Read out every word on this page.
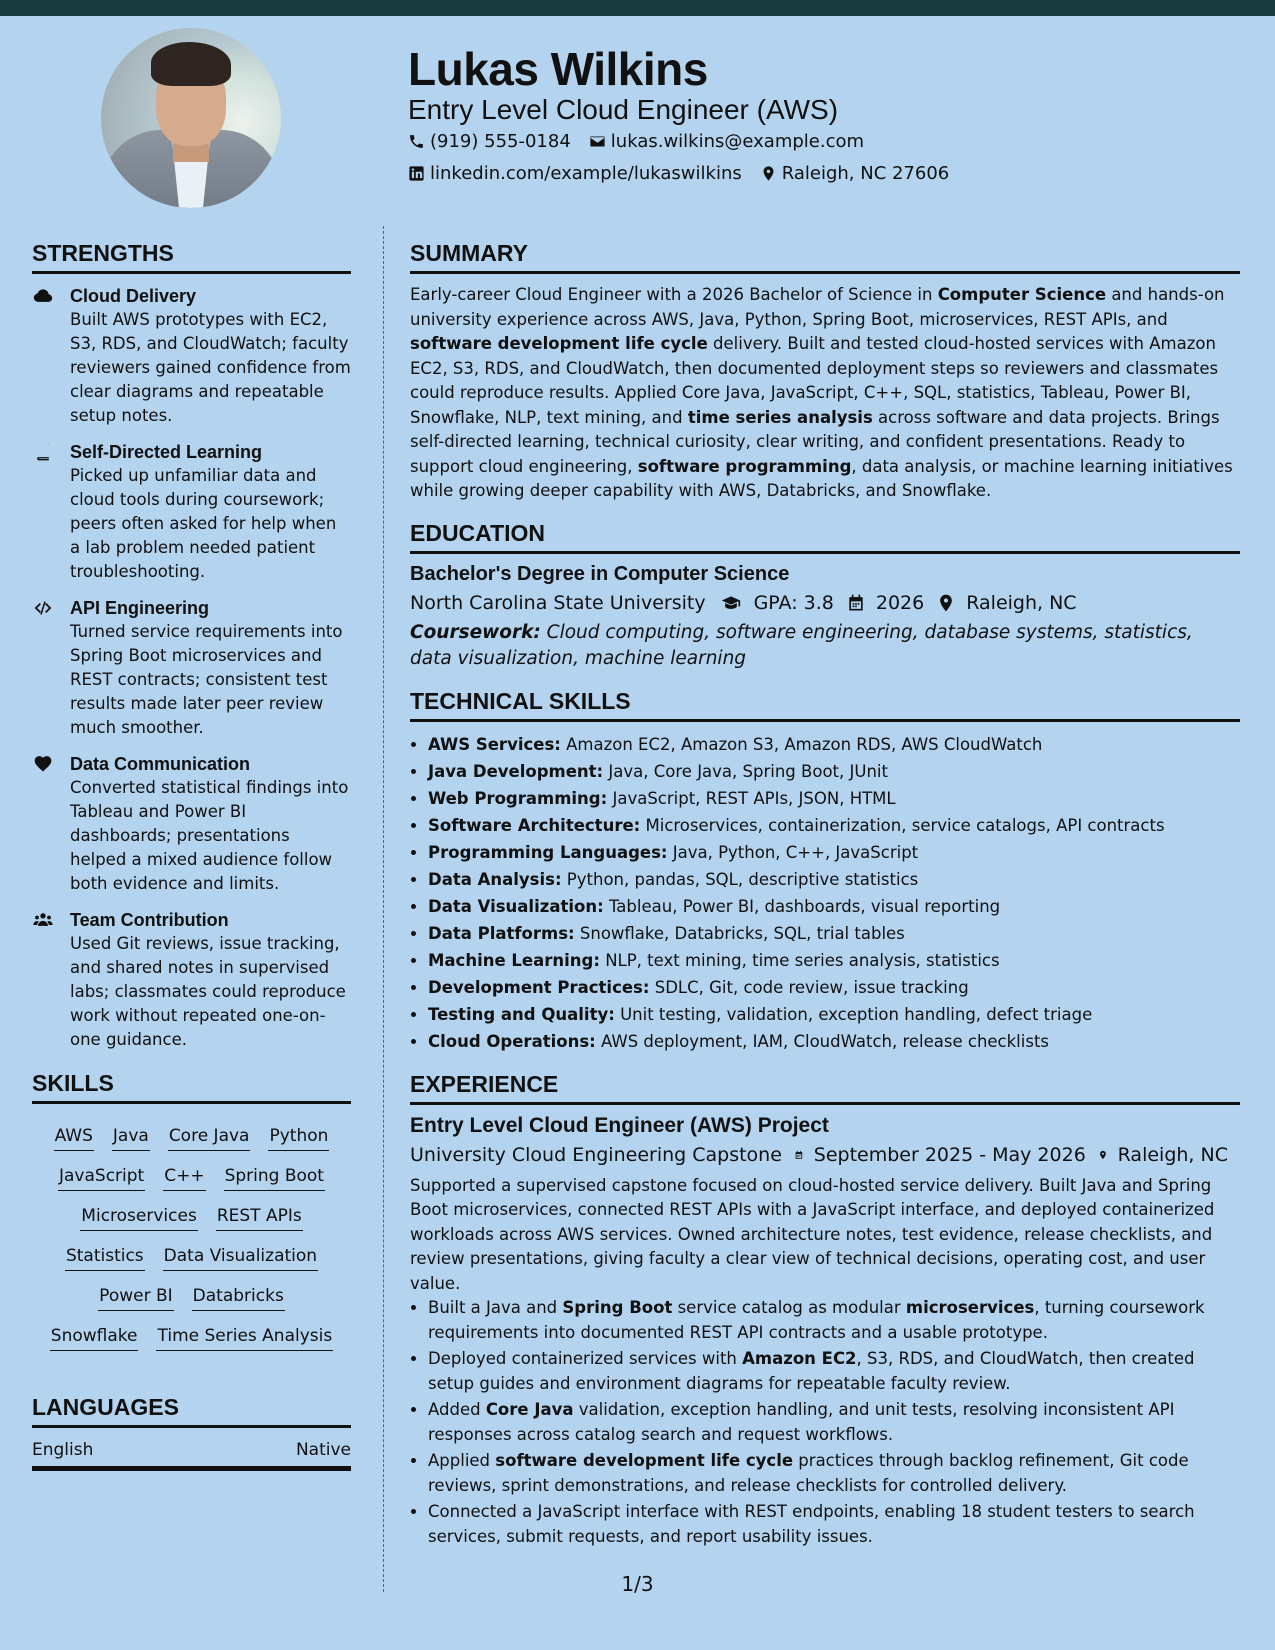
Lukas Wilkins
Entry Level Cloud Engineer (AWS)
(919) 555-0184 lukas.wilkins@example.com
linkedin.com/example/lukaswilkins Raleigh, NC 27606
STRENGTHS
Cloud Delivery
Built AWS prototypes with EC2, S3, RDS, and CloudWatch; faculty reviewers gained confidence from clear diagrams and repeatable setup notes.
Self-Directed Learning
Picked up unfamiliar data and cloud tools during coursework; peers often asked for help when a lab problem needed patient troubleshooting.
API Engineering
Turned service requirements into Spring Boot microservices and REST contracts; consistent test results made later peer review much smoother.
Data Communication
Converted statistical findings into Tableau and Power BI dashboards; presentations helped a mixed audience follow both evidence and limits.
Team Contribution
Used Git reviews, issue tracking, and shared notes in supervised labs; classmates could reproduce work without repeated one-on-one guidance.
SKILLS
AWS Java Core Java Python
JavaScript C++ Spring Boot
Microservices REST APIs
Statistics Data Visualization
Power BI Databricks
Snowflake Time Series Analysis
LANGUAGES
English	Native
SUMMARY
Early-career Cloud Engineer with a 2026 Bachelor of Science in Computer Science and hands-on university experience across AWS, Java, Python, Spring Boot, microservices, REST APIs, and software development life cycle delivery. Built and tested cloud-hosted services with Amazon EC2, S3, RDS, and CloudWatch, then documented deployment steps so reviewers and classmates could reproduce results. Applied Core Java, JavaScript, C++, SQL, statistics, Tableau, Power BI, Snowflake, NLP, text mining, and time series analysis across software and data projects. Brings self-directed learning, technical curiosity, clear writing, and confident presentations. Ready to support cloud engineering, software programming, data analysis, or machine learning initiatives while growing deeper capability with AWS, Databricks, and Snowflake.
EDUCATION
Bachelor's Degree in Computer Science
North Carolina State University	GPA: 3.8 2026 Raleigh, NC
Coursework: Cloud computing, software engineering, database systems, statistics, data visualization, machine learning
TECHNICAL SKILLS
• AWS Services: Amazon EC2, Amazon S3, Amazon RDS, AWS CloudWatch
• Java Development: Java, Core Java, Spring Boot, JUnit
• Web Programming: JavaScript, REST APIs, JSON, HTML
• Software Architecture: Microservices, containerization, service catalogs, API contracts
• Programming Languages: Java, Python, C++, JavaScript
• Data Analysis: Python, pandas, SQL, descriptive statistics
• Data Visualization: Tableau, Power BI, dashboards, visual reporting
• Data Platforms: Snowflake, Databricks, SQL, trial tables
• Machine Learning: NLP, text mining, time series analysis, statistics
• Development Practices: SDLC, Git, code review, issue tracking
• Testing and Quality: Unit testing, validation, exception handling, defect triage
• Cloud Operations: AWS deployment, IAM, CloudWatch, release checklists
EXPERIENCE
Entry Level Cloud Engineer (AWS) Project
University Cloud Engineering Capstone September 2025 - May 2026 Raleigh, NC
Supported a supervised capstone focused on cloud-hosted service delivery. Built Java and Spring Boot microservices, connected REST APIs with a JavaScript interface, and deployed containerized workloads across AWS services. Owned architecture notes, test evidence, release checklists, and review presentations, giving faculty a clear view of technical decisions, operating cost, and user value.
• Built a Java and Spring Boot service catalog as modular microservices, turning coursework requirements into documented REST API contracts and a usable prototype.
• Deployed containerized services with Amazon EC2, S3, RDS, and CloudWatch, then created setup guides and environment diagrams for repeatable faculty review.
• Added Core Java validation, exception handling, and unit tests, resolving inconsistent API responses across catalog search and request workflows.
• Applied software development life cycle practices through backlog refinement, Git code reviews, sprint demonstrations, and release checklists for controlled delivery.
• Connected a JavaScript interface with REST endpoints, enabling 18 student testers to search services, submit requests, and report usability issues.
1/3
